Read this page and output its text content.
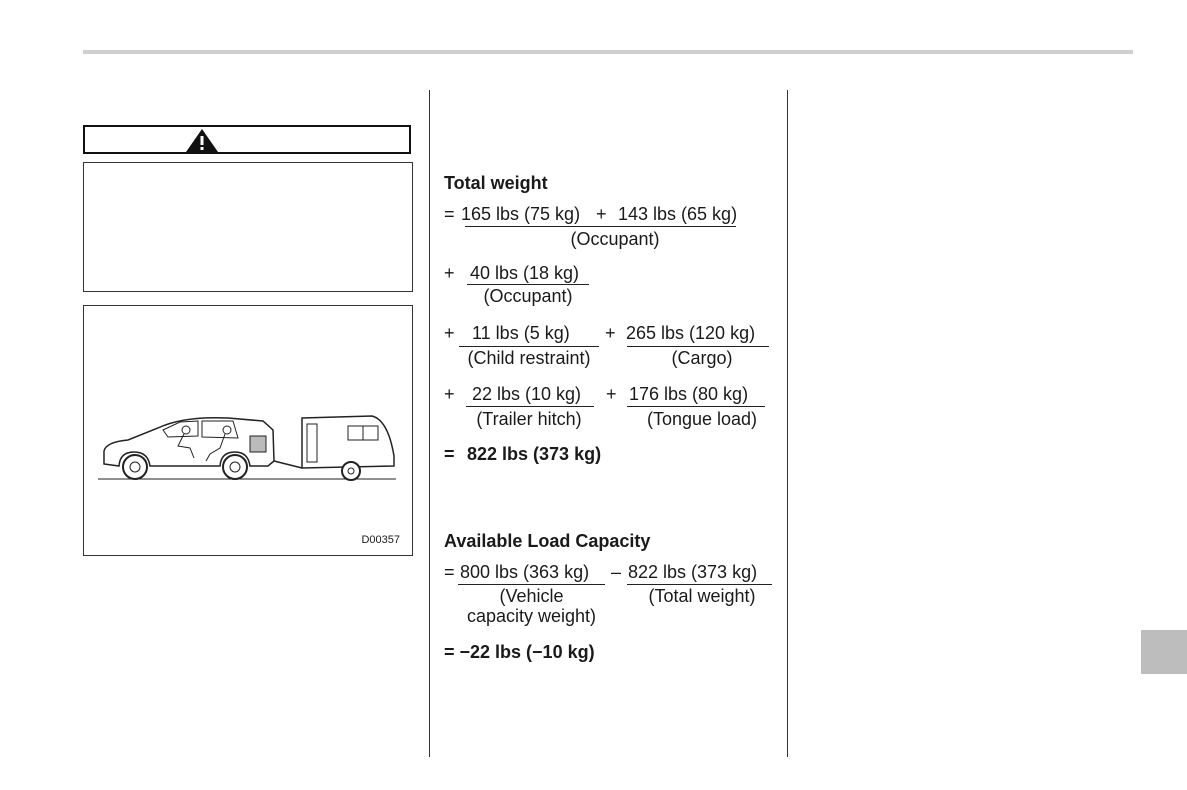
D00357
Total weight
= 165 lbs (75 kg) + 143 lbs (65 kg)
(Occupant)
+ 40 lbs (18 kg)
(Occupant)
+ 11 lbs (5 kg)
(Child restraint)
+ 265 lbs (120 kg)
(Cargo)
+ 22 lbs (10 kg)
(Trailer hitch)
+ 176 lbs (80 kg)
(Tongue load)
= 822 lbs (373 kg)
Available Load Capacity
= 800 lbs (363 kg)
(Vehicle
capacity weight)
– 822 lbs (373 kg)
(Total weight)
= −22 lbs (−10 kg)
